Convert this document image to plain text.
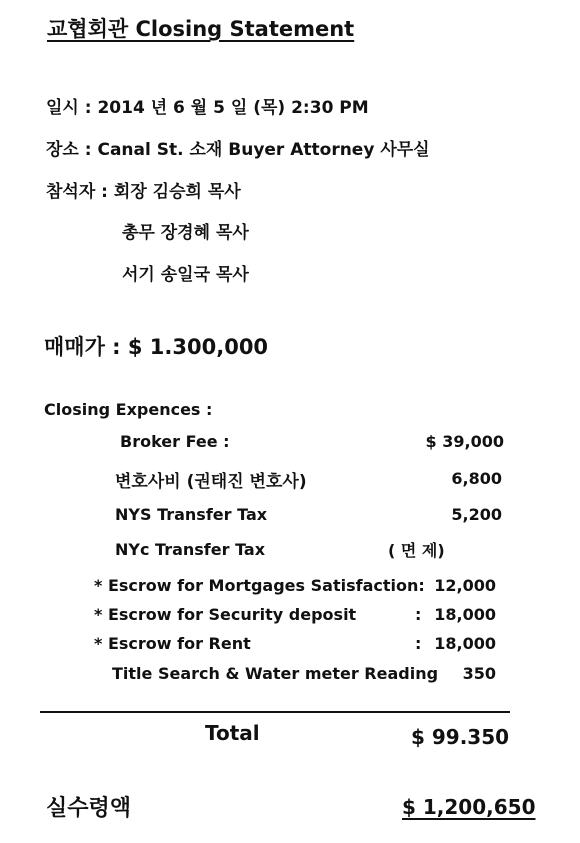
교협회관 Closing Statement
일시 : 2014 년 6 월 5 일 (목) 2:30 PM
장소 : Canal St. 소재 Buyer Attorney 사무실
참석자 : 회장 김승희 목사
총무 장경혜 목사
서기 송일국 목사
매매가 : $ 1.300,000
Closing Expences :
Broker Fee :	$ 39,000
변호사비 (권태진 변호사)	6,800
NYS Transfer Tax	5,200
NYc Transfer Tax	( 면 제)
* Escrow for Mortgages Satisfaction: 12,000
* Escrow for Security deposit	: 18,000
* Escrow for Rent	: 18,000
Title Search & Water meter Reading 350
Total	$ 99.350
실수령액	$ 1,200,650
